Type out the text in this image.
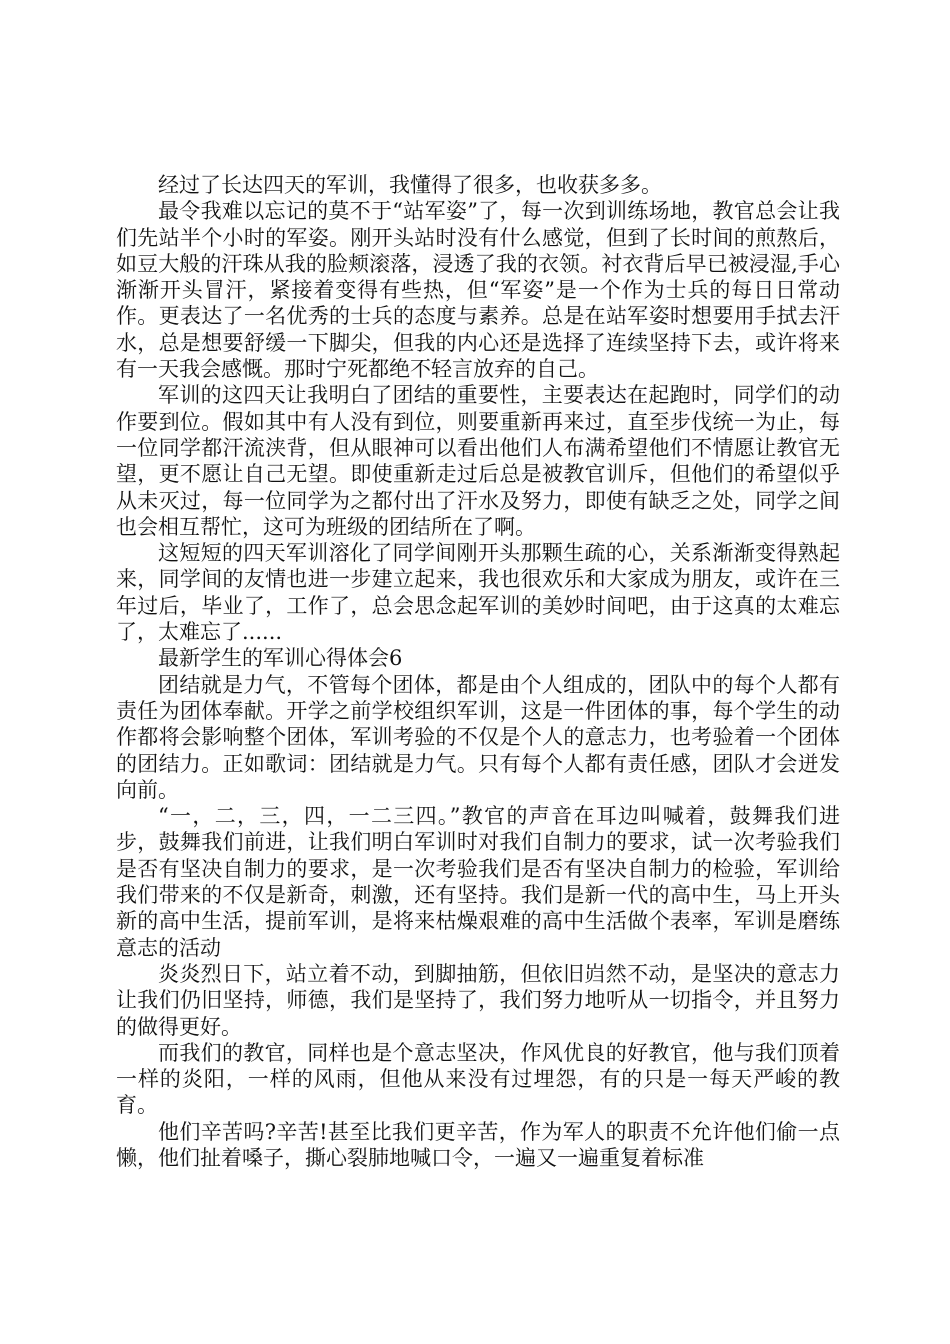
经过了长达四天的军训，我懂得了很多，也收获多多。

最令我难以忘记的莫不于“站军姿”了，每一次到训练场地，教官总会让我们先站半个小时的军姿。刚开头站时没有什么感觉，但到了长时间的煎熬后，如豆大般的汗珠从我的脸颊滚落，浸透了我的衣领。衬衣背后早已被浸湿,手心渐渐开头冒汗，紧接着变得有些热，但“军姿”是一个作为士兵的每日日常动作。更表达了一名优秀的士兵的态度与素养。总是在站军姿时想要用手拭去汗水，总是想要舒缓一下脚尖，但我的内心还是选择了连续坚持下去，或许将来有一天我会感慨。那时宁死都绝不轻言放弃的自己。

军训的这四天让我明白了团结的重要性，主要表达在起跑时，同学们的动作要到位。假如其中有人没有到位，则要重新再来过，直至步伐统一为止，每一位同学都汗流浃背，但从眼神可以看出他们人布满希望他们不情愿让教官无望，更不愿让自己无望。即使重新走过后总是被教官训斥，但他们的希望似乎从未灭过，每一位同学为之都付出了汗水及努力，即使有缺乏之处，同学之间也会相互帮忙，这可为班级的团结所在了啊。

这短短的四天军训溶化了同学间刚开头那颗生疏的心，关系渐渐变得熟起来，同学间的友情也进一步建立起来，我也很欢乐和大家成为朋友，或许在三年过后，毕业了，工作了，总会思念起军训的美妙时间吧，由于这真的太难忘了，太难忘了......

最新学生的军训心得体会6

团结就是力气，不管每个团体，都是由个人组成的，团队中的每个人都有责任为团体奉献。开学之前学校组织军训，这是一件团体的事，每个学生的动作都将会影响整个团体，军训考验的不仅是个人的意志力，也考验着一个团体的团结力。正如歌词：团结就是力气。只有每个人都有责任感，团队才会迸发向前。

“一，二，三，四，一二三四。”教官的声音在耳边叫喊着，鼓舞我们进步，鼓舞我们前进，让我们明白军训时对我们自制力的要求，试一次考验我们是否有坚决自制力的要求，是一次考验我们是否有坚决自制力的检验，军训给我们带来的不仅是新奇，刺激，还有坚持。我们是新一代的高中生，马上开头新的高中生活，提前军训，是将来枯燥艰难的高中生活做个表率，军训是磨练意志的活动

炎炎烈日下，站立着不动，到脚抽筋，但依旧岿然不动，是坚决的意志力让我们仍旧坚持，师德，我们是坚持了，我们努力地听从一切指令，并且努力的做得更好。

而我们的教官，同样也是个意志坚决，作风优良的好教官，他与我们顶着一样的炎阳，一样的风雨，但他从来没有过埋怨，有的只是一每天严峻的教育。

他们辛苦吗?辛苦!甚至比我们更辛苦，作为军人的职责不允许他们偷一点懒，他们扯着嗓子，撕心裂肺地喊口令，一遍又一遍重复着标准
